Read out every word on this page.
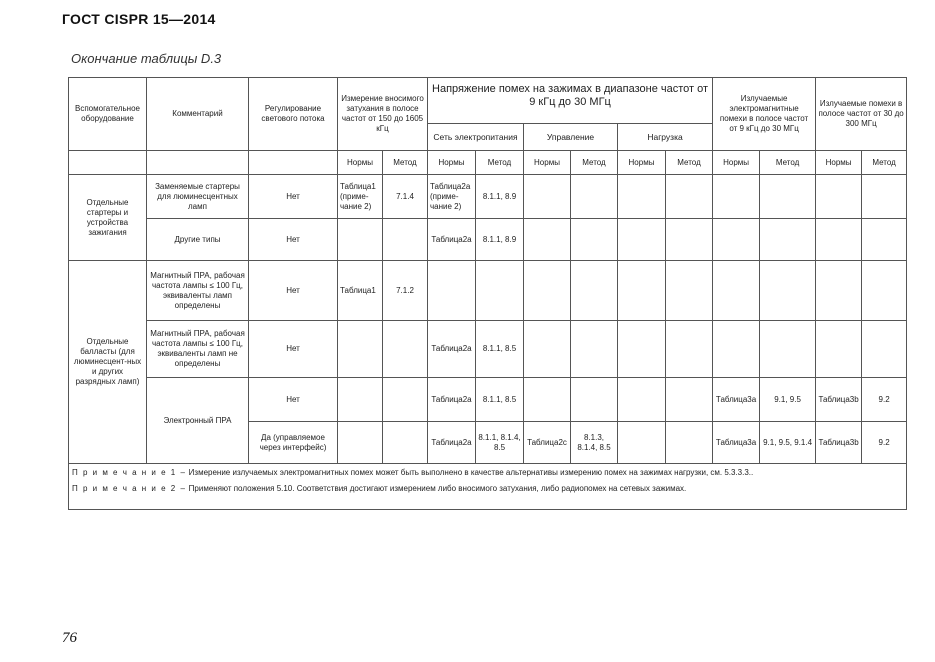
ГОСТ CISPR 15—2014
Окончание таблицы D.3
Вспомогательное оборудование	Комментарий	Регулирование светового потока	Измерение вносимого затухания в полосе частот от 150 до 1605 кГц		Напряжение помех на зажимах в диапазоне частот от 9 кГц до 30 МГц						Излучаемые электромагнитные помехи в полосе частот от 9 кГц до 30 МГц		Излучаемые помехи в полосе частот от 30 до 300 МГц	
					Сеть электропитания		Управление		Нагрузка					
			Нормы	Метод	Нормы	Метод	Нормы	Метод	Нормы	Метод	Нормы	Метод	Нормы	Метод
Отдельные стартеры и устройства зажигания	Заменяемые стартеры для люминесцентных ламп	Нет	Таблица1 (приме-чание 2)	7.1.4	Таблица2а (приме-чание 2)	8.1.1, 8.9								
	Другие типы	Нет			Таблица2а	8.1.1, 8.9								
Отдельные балласты (для люминесцент-ных и других разрядных ламп)	Магнитный ПРА, рабочая частота лампы ≤ 100 Гц, эквиваленты ламп определены	Нет	Таблица1	7.1.2										
	Магнитный ПРА, рабочая частота лампы ≤ 100 Гц, эквиваленты ламп не определены	Нет			Таблица2а	8.1.1, 8.5								
	Электронный ПРА	Нет			Таблица2а	8.1.1, 8.5					Таблица3а	9.1, 9.5	Таблица3b	9.2
		Да (управляемое через интерфейс)			Таблица2а	8.1.1, 8.1.4, 8.5	Таблица2с	8.1.3, 8.1.4, 8.5			Таблица3а	9.1, 9.5, 9.1.4	Таблица3b	9.2
П р и м е ч а н и е 1 – Измерение излучаемых электромагнитных помех может быть выполнено в качестве альтернативы измерению помех на зажимах нагрузки, см. 5.3.3.3..														
П р и м е ч а н и е 2 – Применяют положения 5.10. Соответствия достигают измерением либо вносимого затухания, либо радиопомех на сетевых зажимах.														
76
